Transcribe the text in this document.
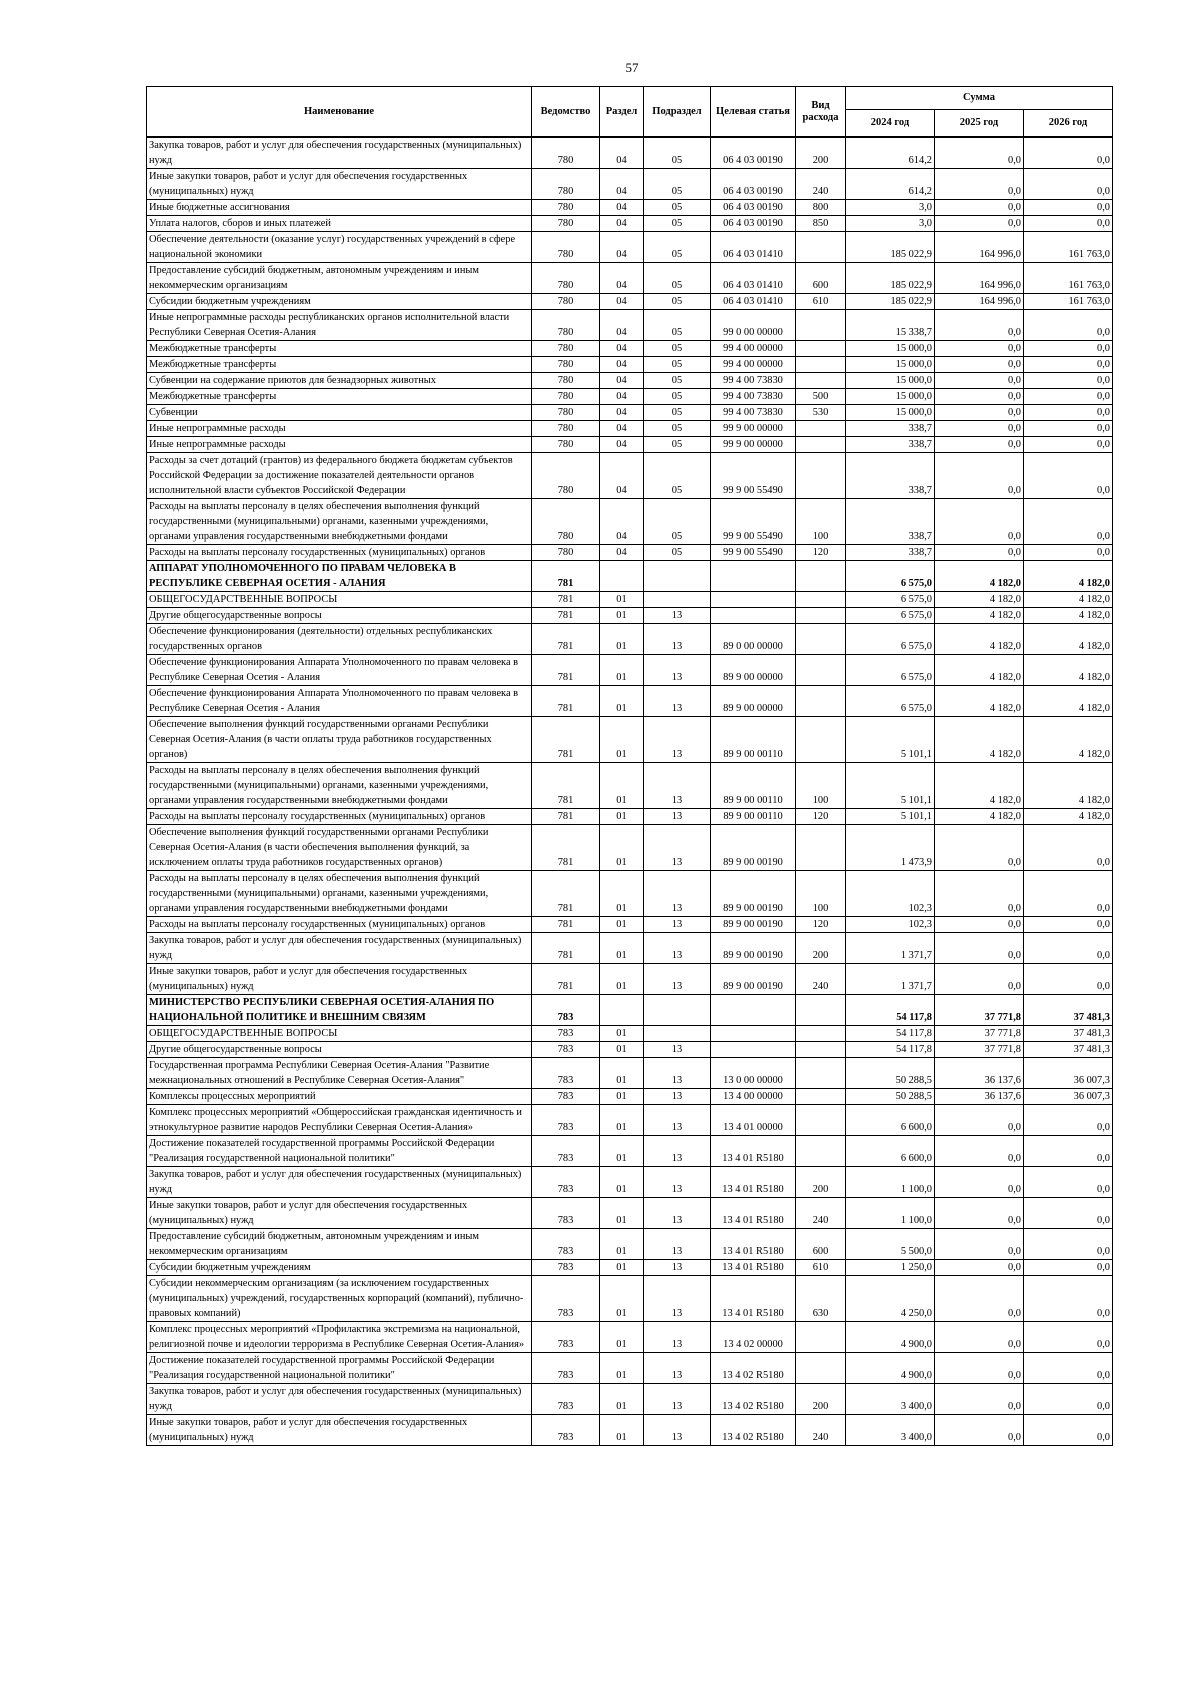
57
Наименование	Ведомство	Раздел	Подраздел	Целевая статья	Вид расхода	Сумма		
						2024 год	2025 год	2026 год
Закупка товаров, работ и услуг для обеспечения государственных (муниципальных) нужд	780	04	05	06 4 03 00190	200	614,2	0,0	0,0
Иные закупки товаров, работ и услуг для обеспечения государственных (муниципальных) нужд	780	04	05	06 4 03 00190	240	614,2	0,0	0,0
Иные бюджетные ассигнования	780	04	05	06 4 03 00190	800	3,0	0,0	0,0
Уплата налогов, сборов и иных платежей	780	04	05	06 4 03 00190	850	3,0	0,0	0,0
Обеспечение деятельности (оказание услуг) государственных учреждений в сфере национальной экономики	780	04	05	06 4 03 01410		185 022,9	164 996,0	161 763,0
Предоставление субсидий бюджетным, автономным учреждениям и иным некоммерческим организациям	780	04	05	06 4 03 01410	600	185 022,9	164 996,0	161 763,0
Субсидии бюджетным учреждениям	780	04	05	06 4 03 01410	610	185 022,9	164 996,0	161 763,0
Иные непрограммные расходы республиканских органов исполнительной власти Республики Северная Осетия-Алания	780	04	05	99 0 00 00000		15 338,7	0,0	0,0
Межбюджетные трансферты	780	04	05	99 4 00 00000		15 000,0	0,0	0,0
Межбюджетные трансферты	780	04	05	99 4 00 00000		15 000,0	0,0	0,0
Субвенции на содержание приютов для безнадзорных животных	780	04	05	99 4 00 73830		15 000,0	0,0	0,0
Межбюджетные трансферты	780	04	05	99 4 00 73830	500	15 000,0	0,0	0,0
Субвенции	780	04	05	99 4 00 73830	530	15 000,0	0,0	0,0
Иные непрограммные расходы	780	04	05	99 9 00 00000		338,7	0,0	0,0
Иные непрограммные расходы	780	04	05	99 9 00 00000		338,7	0,0	0,0
Расходы за счет дотаций (грантов) из федерального бюджета бюджетам субъектов Российской Федерации за достижение показателей деятельности органов исполнительной власти субъектов Российской Федерации	780	04	05	99 9 00 55490		338,7	0,0	0,0
Расходы на выплаты персоналу в целях обеспечения выполнения функций государственными (муниципальными) органами, казенными учреждениями, органами управления государственными внебюджетными фондами	780	04	05	99 9 00 55490	100	338,7	0,0	0,0
Расходы на выплаты персоналу государственных (муниципальных) органов	780	04	05	99 9 00 55490	120	338,7	0,0	0,0
АППАРАТ УПОЛНОМОЧЕННОГО ПО ПРАВАМ ЧЕЛОВЕКА В РЕСПУБЛИКЕ СЕВЕРНАЯ ОСЕТИЯ - АЛАНИЯ	781					6 575,0	4 182,0	4 182,0
ОБЩЕГОСУДАРСТВЕННЫЕ ВОПРОСЫ	781	01				6 575,0	4 182,0	4 182,0
Другие общегосударственные вопросы	781	01	13			6 575,0	4 182,0	4 182,0
Обеспечение функционирования (деятельности) отдельных республиканских государственных органов	781	01	13	89 0 00 00000		6 575,0	4 182,0	4 182,0
Обеспечение функционирования Аппарата Уполномоченного по правам человека в Республике Северная Осетия - Алания	781	01	13	89 9 00 00000		6 575,0	4 182,0	4 182,0
Обеспечение функционирования Аппарата Уполномоченного по правам человека в Республике Северная Осетия - Алания	781	01	13	89 9 00 00000		6 575,0	4 182,0	4 182,0
Обеспечение выполнения функций государственными органами Республики Северная Осетия-Алания (в части оплаты труда работников государственных органов)	781	01	13	89 9 00 00110		5 101,1	4 182,0	4 182,0
Расходы на выплаты персоналу в целях обеспечения выполнения функций государственными (муниципальными) органами, казенными учреждениями, органами управления государственными внебюджетными фондами	781	01	13	89 9 00 00110	100	5 101,1	4 182,0	4 182,0
Расходы на выплаты персоналу государственных (муниципальных) органов	781	01	13	89 9 00 00110	120	5 101,1	4 182,0	4 182,0
Обеспечение выполнения функций государственными органами Республики Северная Осетия-Алания (в части обеспечения выполнения функций, за исключением оплаты труда работников государственных органов)	781	01	13	89 9 00 00190		1 473,9	0,0	0,0
Расходы на выплаты персоналу в целях обеспечения выполнения функций государственными (муниципальными) органами, казенными учреждениями, органами управления государственными внебюджетными фондами	781	01	13	89 9 00 00190	100	102,3	0,0	0,0
Расходы на выплаты персоналу государственных (муниципальных) органов	781	01	13	89 9 00 00190	120	102,3	0,0	0,0
Закупка товаров, работ и услуг для обеспечения государственных (муниципальных) нужд	781	01	13	89 9 00 00190	200	1 371,7	0,0	0,0
Иные закупки товаров, работ и услуг для обеспечения государственных (муниципальных) нужд	781	01	13	89 9 00 00190	240	1 371,7	0,0	0,0
МИНИСТЕРСТВО РЕСПУБЛИКИ СЕВЕРНАЯ ОСЕТИЯ-АЛАНИЯ ПО НАЦИОНАЛЬНОЙ ПОЛИТИКЕ И ВНЕШНИМ СВЯЗЯМ	783					54 117,8	37 771,8	37 481,3
ОБЩЕГОСУДАРСТВЕННЫЕ ВОПРОСЫ	783	01				54 117,8	37 771,8	37 481,3
Другие общегосударственные вопросы	783	01	13			54 117,8	37 771,8	37 481,3
Государственная программа Республики Северная Осетия-Алания "Развитие межнациональных отношений в Республике Северная Осетия-Алания"	783	01	13	13 0 00 00000		50 288,5	36 137,6	36 007,3
Комплексы процессных мероприятий	783	01	13	13 4 00 00000		50 288,5	36 137,6	36 007,3
Комплекс процессных мероприятий «Общероссийская гражданская идентичность и этнокультурное развитие народов Республики Северная Осетия-Алания»	783	01	13	13 4 01 00000		6 600,0	0,0	0,0
Достижение показателей государственной программы Российской Федерации "Реализация государственной национальной политики"	783	01	13	13 4 01 R5180		6 600,0	0,0	0,0
Закупка товаров, работ и услуг для обеспечения государственных (муниципальных) нужд	783	01	13	13 4 01 R5180	200	1 100,0	0,0	0,0
Иные закупки товаров, работ и услуг для обеспечения государственных (муниципальных) нужд	783	01	13	13 4 01 R5180	240	1 100,0	0,0	0,0
Предоставление субсидий бюджетным, автономным учреждениям и иным некоммерческим организациям	783	01	13	13 4 01 R5180	600	5 500,0	0,0	0,0
Субсидии бюджетным учреждениям	783	01	13	13 4 01 R5180	610	1 250,0	0,0	0,0
Субсидии некоммерческим организациям (за исключением государственных (муниципальных) учреждений, государственных корпораций (компаний), публично-правовых компаний)	783	01	13	13 4 01 R5180	630	4 250,0	0,0	0,0
Комплекс процессных мероприятий «Профилактика экстремизма на национальной, религиозной почве и идеологии терроризма в Республике Северная Осетия-Алания»	783	01	13	13 4 02 00000		4 900,0	0,0	0,0
Достижение показателей государственной программы Российской Федерации "Реализация государственной национальной политики"	783	01	13	13 4 02 R5180		4 900,0	0,0	0,0
Закупка товаров, работ и услуг для обеспечения государственных (муниципальных) нужд	783	01	13	13 4 02 R5180	200	3 400,0	0,0	0,0
Иные закупки товаров, работ и услуг для обеспечения государственных (муниципальных) нужд	783	01	13	13 4 02 R5180	240	3 400,0	0,0	0,0
